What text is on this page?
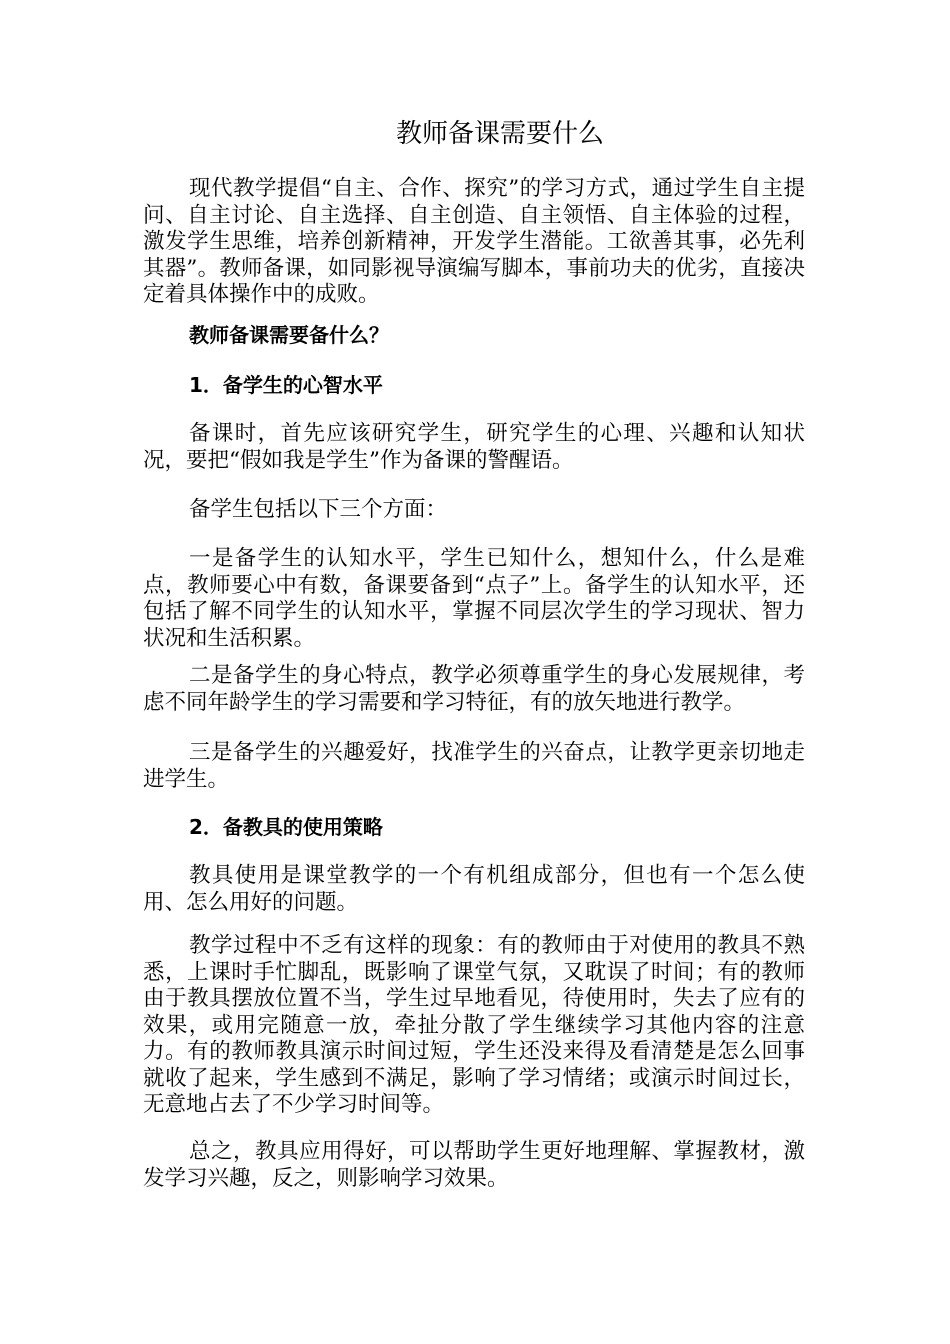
教师备课需要什么

现代教学提倡“自主、合作、探究”的学习方式，通过学生自主提问、自主讨论、自主选择、自主创造、自主领悟、自主体验的过程，激发学生思维，培养创新精神，开发学生潜能。工欲善其事，必先利其器”。教师备课，如同影视导演编写脚本，事前功夫的优劣，直接决定着具体操作中的成败。

教师备课需要备什么？

1．备学生的心智水平

备课时，首先应该研究学生，研究学生的心理、兴趣和认知状况，要把“假如我是学生”作为备课的警醒语。

备学生包括以下三个方面：

一是备学生的认知水平，学生已知什么，想知什么，什么是难点，教师要心中有数，备课要备到“点子”上。备学生的认知水平，还包括了解不同学生的认知水平，掌握不同层次学生的学习现状、智力状况和生活积累。

二是备学生的身心特点，教学必须尊重学生的身心发展规律，考虑不同年龄学生的学习需要和学习特征，有的放矢地进行教学。

三是备学生的兴趣爱好，找准学生的兴奋点，让教学更亲切地走进学生。

2．备教具的使用策略

教具使用是课堂教学的一个有机组成部分，但也有一个怎么使用、怎么用好的问题。

教学过程中不乏有这样的现象：有的教师由于对使用的教具不熟悉，上课时手忙脚乱，既影响了课堂气氛，又耽误了时间；有的教师由于教具摆放位置不当，学生过早地看见，待使用时，失去了应有的效果，或用完随意一放，牵扯分散了学生继续学习其他内容的注意力。有的教师教具演示时间过短，学生还没来得及看清楚是怎么回事就收了起来，学生感到不满足，影响了学习情绪；或演示时间过长，无意地占去了不少学习时间等。

总之，教具应用得好，可以帮助学生更好地理解、掌握教材，激发学习兴趣，反之，则影响学习效果。
